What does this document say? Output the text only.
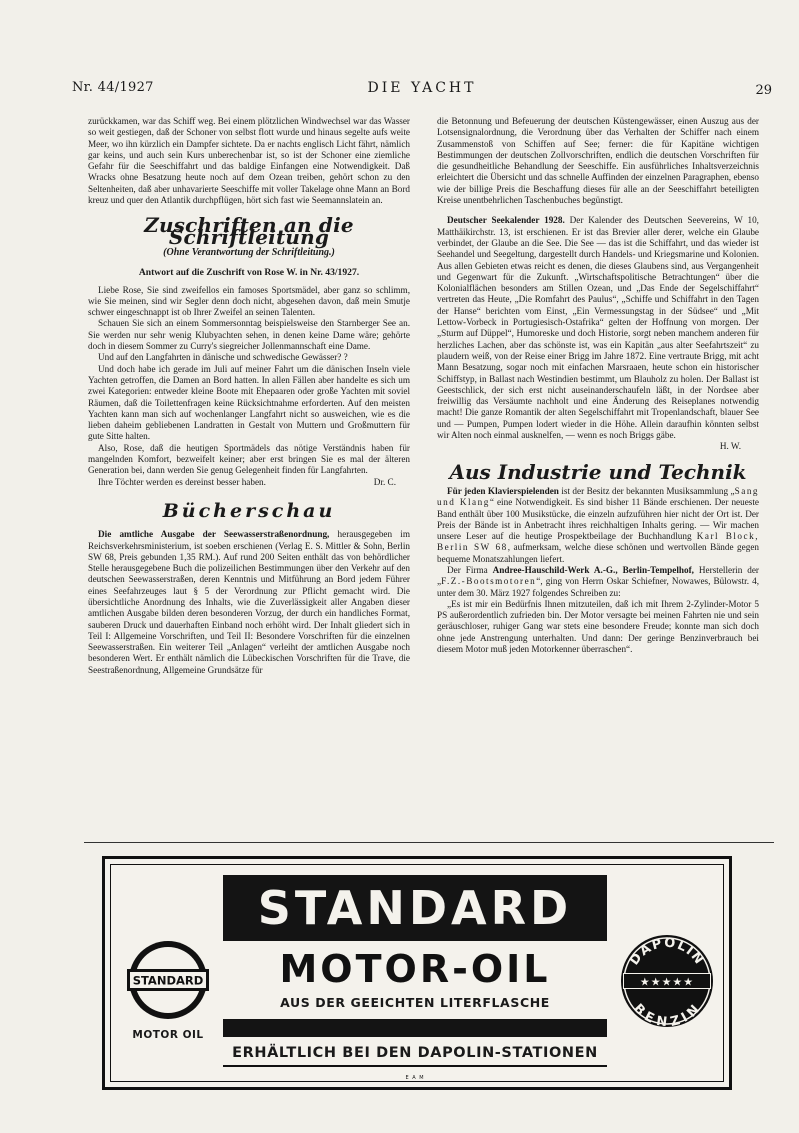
Nr. 44/1927	DIE YACHT	29

zurückkamen, war das Schiff weg. Bei einem plötzlichen Windwechsel war das Wasser so weit gestiegen, daß der Schoner von selbst flott wurde und hinaus segelte aufs weite Meer, wo ihn kürzlich ein Dampfer sichtete. Da er nachts englisch Licht fährt, nämlich gar keins, und auch sein Kurs unberechenbar ist, so ist der Schoner eine ziemliche Gefahr für die Seeschiffahrt und das baldige Einfangen eine Notwendigkeit. Daß Wracks ohne Besatzung heute noch auf dem Ozean treiben, gehört schon zu den Seltenheiten, daß aber unhavarierte Seeschiffe mit voller Takelage ohne Mann an Bord kreuz und quer den Atlantik durchpflügen, hört sich fast wie Seemannslatein an.

Zuschriften an die Schriftleitung
(Ohne Verantwortung der Schriftleitung.)
Antwort auf die Zuschrift von Rose W. in Nr. 43/1927.

Liebe Rose, Sie sind zweifellos ein famoses Sportsmädel, aber ganz so schlimm, wie Sie meinen, sind wir Segler denn doch nicht, abgesehen davon, daß mein Smutje schwer eingeschnappt ist ob Ihrer Zweifel an seinen Talenten.

Schauen Sie sich an einem Sommersonntag beispielsweise den Starnberger See an. Sie werden nur sehr wenig Klubyachten sehen, in denen keine Dame wäre; gehörte doch in diesem Sommer zu Curry's siegreicher Jollenmannschaft eine Dame.

Und auf den Langfahrten in dänische und schwedische Gewässer? ?

Und doch habe ich gerade im Juli auf meiner Fahrt um die dänischen Inseln viele Yachten getroffen, die Damen an Bord hatten. In allen Fällen aber handelte es sich um zwei Kategorien: entweder kleine Boote mit Ehepaaren oder große Yachten mit soviel Räumen, daß die Toilettenfragen keine Rücksichtnahme erforderten. Auf den meisten Yachten kann man sich auf wochenlanger Langfahrt nicht so ausweichen, wie es die lieben daheim gebliebenen Landratten in Gestalt von Muttern und Großmuttern für gute Sitte halten.

Also, Rose, daß die heutigen Sportmädels das nötige Verständnis haben für mangelnden Komfort, bezweifelt keiner; aber erst bringen Sie es mal der älteren Generation bei, dann werden Sie genug Gelegenheit finden für Langfahrten.

Ihre Töchter werden es dereinst besser haben.	Dr. C.

Bücherschau

Die amtliche Ausgabe der Seewasserstraßenordnung, herausgegeben im Reichsverkehrsministerium, ist soeben erschienen (Verlag E. S. Mittler & Sohn, Berlin SW 68, Preis gebunden 1,35 RM.). Auf rund 200 Seiten enthält das von behördlicher Stelle herausgegebene Buch die polizeilichen Bestimmungen über den Verkehr auf den deutschen Seewasserstraßen, deren Kenntnis und Mitführung an Bord jedem Führer eines Seefahrzeuges laut § 5 der Verordnung zur Pflicht gemacht wird. Die übersichtliche Anordnung des Inhalts, wie die Zuverlässigkeit aller Angaben dieser amtlichen Ausgabe bilden deren besonderen Vorzug, der durch ein handliches Format, sauberen Druck und dauerhaften Einband noch erhöht wird. Der Inhalt gliedert sich in Teil I: Allgemeine Vorschriften, und Teil II: Besondere Vorschriften für die einzelnen Seewasserstraßen. Ein weiterer Teil „Anlagen“ verleiht der amtlichen Ausgabe noch besonderen Wert. Er enthält nämlich die Lübeckischen Vorschriften für die Trave, die Seestraßenordnung, Allgemeine Grundsätze für

die Betonnung und Befeuerung der deutschen Küstengewässer, einen Auszug aus der Lotsensignalordnung, die Verordnung über das Verhalten der Schiffer nach einem Zusammenstoß von Schiffen auf See; ferner: die für Kapitäne wichtigen Bestimmungen der deutschen Zollvorschriften, endlich die deutschen Vorschriften für die gesundheitliche Behandlung der Seeschiffe. Ein ausführliches Inhaltsverzeichnis erleichtert die Übersicht und das schnelle Auffinden der einzelnen Paragraphen, ebenso wie der billige Preis die Beschaffung dieses für alle an der Seeschiffahrt beteiligten Kreise unentbehrlichen Taschenbuches begünstigt.

Deutscher Seekalender 1928. Der Kalender des Deutschen Seevereins, W 10, Matthäikirchstr. 13, ist erschienen. Er ist das Brevier aller derer, welche ein Glaube verbindet, der Glaube an die See. Die See — das ist die Schiffahrt, und das wieder ist Seehandel und Seegeltung, dargestellt durch Handels- und Kriegsmarine und Kolonien. Aus allen Gebieten etwas reicht es denen, die dieses Glaubens sind, aus Vergangenheit und Gegenwart für die Zukunft. „Wirtschaftspolitische Betrachtungen“ über die Kolonialflächen besonders am Stillen Ozean, und „Das Ende der Segelschiffahrt“ vertreten das Heute, „Die Romfahrt des Paulus“, „Schiffe und Schiffahrt in den Tagen der Hanse“ berichten vom Einst, „Ein Vermessungstag in der Südsee“ und „Mit Lettow-Vorbeck in Portugiesisch-Ostafrika“ gelten der Hoffnung von morgen. Der „Sturm auf Düppel“, Humoreske und doch Historie, sorgt neben manchem anderen für herzliches Lachen, aber das schönste ist, was ein Kapitän „aus alter Seefahrtszeit“ zu plaudern weiß, von der Reise einer Brigg im Jahre 1872. Eine vertraute Brigg, mit acht Mann Besatzung, sogar noch mit einfachen Marsraaen, heute schon ein historischer Schiffstyp, in Ballast nach Westindien bestimmt, um Blauholz zu holen. Der Ballast ist Geestschlick, der sich erst nicht auseinanderschaufeln läßt, in der Nordsee aber freiwillig das Versäumte nachholt und eine Änderung des Reiseplanes notwendig macht! Die ganze Romantik der alten Segelschiffahrt mit Tropenlandschaft, blauer See und — Pumpen, Pumpen lodert wieder in die Höhe. Allein daraufhin könnten selbst wir Alten noch einmal ausknelfen, — wenn es noch Briggs gäbe.

H. W.
Aus Industrie und Technik

Für jeden Klavierspielenden ist der Besitz der bekannten Musiksammlung „Sang und Klang“ eine Notwendigkeit. Es sind bisher 11 Bände erschienen. Der neueste Band enthält über 100 Musikstücke, die einzeln aufzuführen hier nicht der Ort ist. Der Preis der Bände ist in Anbetracht ihres reichhaltigen Inhalts gering. — Wir machen unsere Leser auf die heutige Prospektbeilage der Buchhandlung Karl Block, Berlin SW 68, aufmerksam, welche diese schönen und wertvollen Bände gegen bequeme Monatszahlungen liefert.

Der Firma Andree-Hauschild-Werk A.-G., Berlin-Tempelhof, Herstellerin der „F.Z.-Bootsmotoren“, ging von Herrn Oskar Schiefner, Nowawes, Bülowstr. 4, unter dem 30. März 1927 folgendes Schreiben zu:

„Es ist mir ein Bedürfnis Ihnen mitzuteilen, daß ich mit Ihrem 2-Zylinder-Motor 5 PS außerordentlich zufrieden bin. Der Motor versagte bei meinen Fahrten nie und sein geräuschloser, ruhiger Gang war stets eine besondere Freude; konnte man sich doch ohne jede Anstrengung unterhalten. Und dann: Der geringe Benzinverbrauch bei diesem Motor muß jeden Motorkenner überraschen“.

STANDARD
MOTOR-OIL
AUS DER GEEICHTEN LITERFLASCHE
ERHÄLTLICH BEI DEN DAPOLIN-STATIONEN
E A M
STANDARD
MOTOR OIL
DAPOLIN
BENZIN
★★★★★
